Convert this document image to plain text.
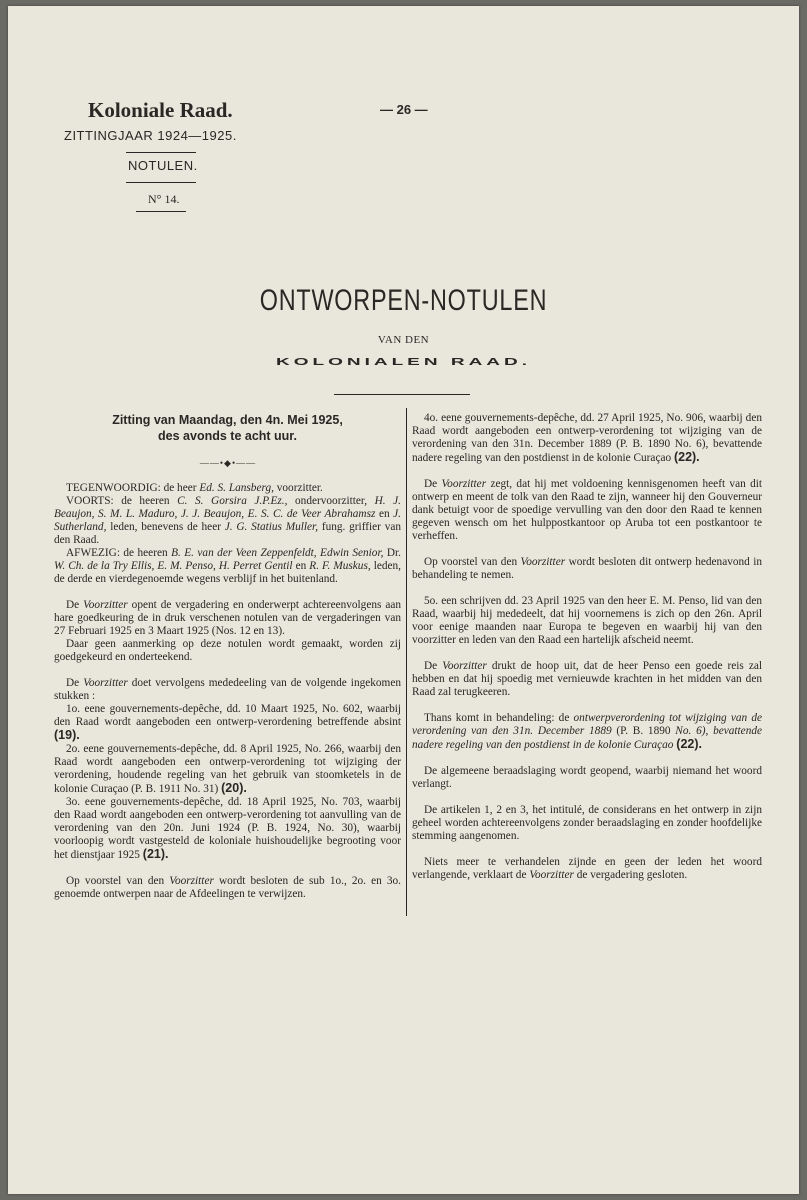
Koloniale Raad.
ZITTINGJAAR 1924—1925.
— 26 —
NOTULEN.
N° 14.
ONTWORPEN-NOTULEN
VAN DEN
KOLONIALEN RAAD.
Zitting van Maandag, den 4n. Mei 1925,
des avonds te acht uur.
——•◆•——

TEGENWOORDIG: de heer Ed. S. Lansberg, voorzitter.

VOORTS: de heeren C. S. Gorsira J.P.Ez., ondervoorzitter, H. J. Beaujon, S. M. L. Maduro, J. J. Beaujon, E. S. C. de Veer Abrahamsz en J. Sutherland, leden, benevens de heer J. G. Statius Muller, fung. griffier van den Raad.

AFWEZIG: de heeren B. E. van der Veen Zeppenfeldt, Edwin Senior, Dr. W. Ch. de la Try Ellis, E. M. Penso, H. Perret Gentil en R. F. Muskus, leden, de derde en vierdegenoemde wegens verblijf in het buitenland.

De Voorzitter opent de vergadering en onderwerpt achtereenvolgens aan hare goedkeuring de in druk verschenen notulen van de vergaderingen van 27 Februari 1925 en 3 Maart 1925 (Nos. 12 en 13).

Daar geen aanmerking op deze notulen wordt gemaakt, worden zij goedgekeurd en onderteekend.

De Voorzitter doet vervolgens mededeeling van de volgende ingekomen stukken :

1o. eene gouvernements-depêche, dd. 10 Maart 1925, No. 602, waarbij den Raad wordt aangeboden een ontwerp-verordening betreffende absint (19).

2o. eene gouvernements-depêche, dd. 8 April 1925, No. 266, waarbij den Raad wordt aangeboden een ontwerp-verordening tot wijziging der verordening, houdende regeling van het gebruik van stoomketels in de kolonie Curaçao (P. B. 1911 No. 31) (20).

3o. eene gouvernements-depêche, dd. 18 April 1925, No. 703, waarbij den Raad wordt aangeboden een ontwerp-verordening tot aanvulling van de verordening van den 20n. Juni 1924 (P. B. 1924, No. 30), waarbij voorloopig wordt vastgesteld de koloniale huishoudelijke begrooting voor het dienstjaar 1925 (21).

Op voorstel van den Voorzitter wordt besloten de sub 1o., 2o. en 3o. genoemde ontwerpen naar de Afdeelingen te verwijzen.

4o. eene gouvernements-depêche, dd. 27 April 1925, No. 906, waarbij den Raad wordt aangeboden een ontwerp-verordening tot wijziging van de verordening van den 31n. December 1889 (P. B. 1890 No. 6), bevattende nadere regeling van den postdienst in de kolonie Curaçao (22).

De Voorzitter zegt, dat hij met voldoening kennisgenomen heeft van dit ontwerp en meent de tolk van den Raad te zijn, wanneer hij den Gouverneur dank betuigt voor de spoedige vervulling van den door den Raad te kennen gegeven wensch om het hulppostkantoor op Aruba tot een postkantoor te verheffen.

Op voorstel van den Voorzitter wordt besloten dit ontwerp hedenavond in behandeling te nemen.

5o. een schrijven dd. 23 April 1925 van den heer E. M. Penso, lid van den Raad, waarbij hij mededeelt, dat hij voornemens is zich op den 26n. April voor eenige maanden naar Europa te begeven en waarbij hij van den voorzitter en leden van den Raad een hartelijk afscheid neemt.

De Voorzitter drukt de hoop uit, dat de heer Penso een goede reis zal hebben en dat hij spoedig met vernieuwde krachten in het midden van den Raad zal terugkeeren.

Thans komt in behandeling: de ontwerpverordening tot wijziging van de verordening van den 31n. December 1889 (P. B. 1890 No. 6), bevattende nadere regeling van den postdienst in de kolonie Curaçao (22).

De algemeene beraadslaging wordt geopend, waarbij niemand het woord verlangt.

De artikelen 1, 2 en 3, het intitulé, de considerans en het ontwerp in zijn geheel worden achtereenvolgens zonder beraadslaging en zonder hoofdelijke stemming aangenomen.

Niets meer te verhandelen zijnde en geen der leden het woord verlangende, verklaart de Voorzitter de vergadering gesloten.
